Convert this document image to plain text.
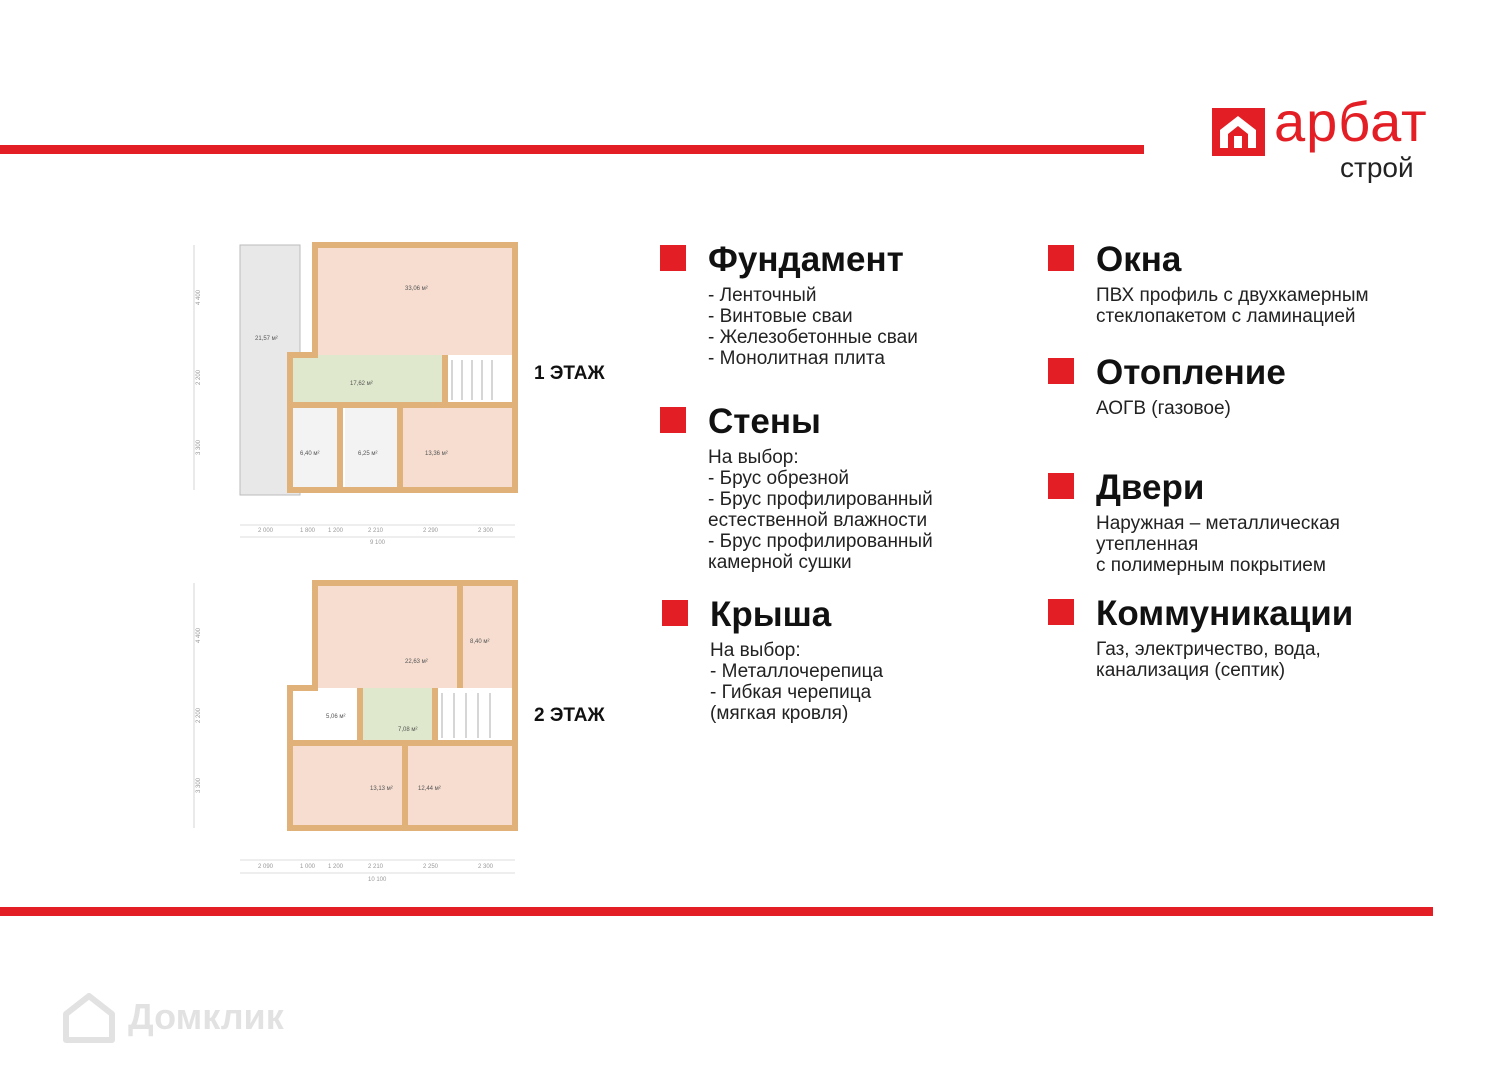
арбат
строй
33,06 м²
21,57 м²
17,62 м²
6,40 м²	6,25 м²	13,36 м²
2 000	1 800 1 200	2 210	2 290	2 300
9 100
4 400
2 200
3 300
22,63 м²
8,40 м²
5,06 м²
7,08 м²
13,13 м²	12,44 м²
2 090	1 000 1 200	2 210	2 250	2 300
10 100
4 400
2 200
3 300
1 ЭТАЖ
2 ЭТАЖ
Фундамент
- Ленточный
- Винтовые сваи
- Железобетонные сваи
- Монолитная плита
Стены
На выбор:
- Брус обрезной
- Брус профилированный
естественной влажности
- Брус профилированный
камерной сушки
Крыша
На выбор:
- Металлочерепица
- Гибкая черепица
(мягкая кровля)
Окна
ПВХ профиль с двухкамерным
стеклопакетом с ламинацией
Отопление
АОГВ (газовое)
Двери
Наружная – металлическая
утепленная
с полимерным покрытием
Коммуникации
Газ, электричество, вода,
канализация (септик)
Домклик
